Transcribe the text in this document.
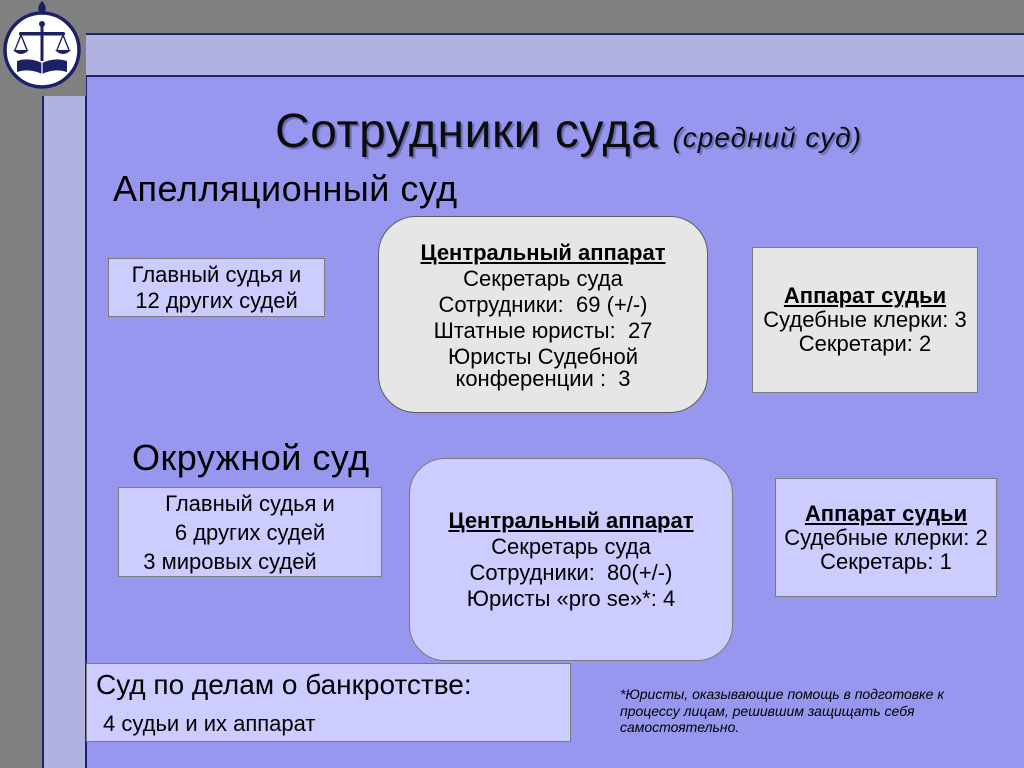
Сотрудники суда (средний суд)
Апелляционный суд
Главный судья и
12 других судей
Центральный аппарат
Секретарь суда
Сотрудники:  69 (+/-)
Штатные юристы:  27
Юристы Судебной конференции :  3
Аппарат судьи
Судебные клерки: 3
Секретари: 2
Окружной суд
Главный судья и
6 других судей
3 мировых судей
Центральный аппарат
Секретарь суда
Сотрудники:  80(+/-)
Юристы «pro se»*: 4
Аппарат судьи
Судебные клерки: 2
Секретарь: 1
Суд по делам о банкротстве:
4 судьи и их аппарат
*Юристы, оказывающие помощь в подготовке к
процессу лицам, решившим защищать себя
самостоятельно.
